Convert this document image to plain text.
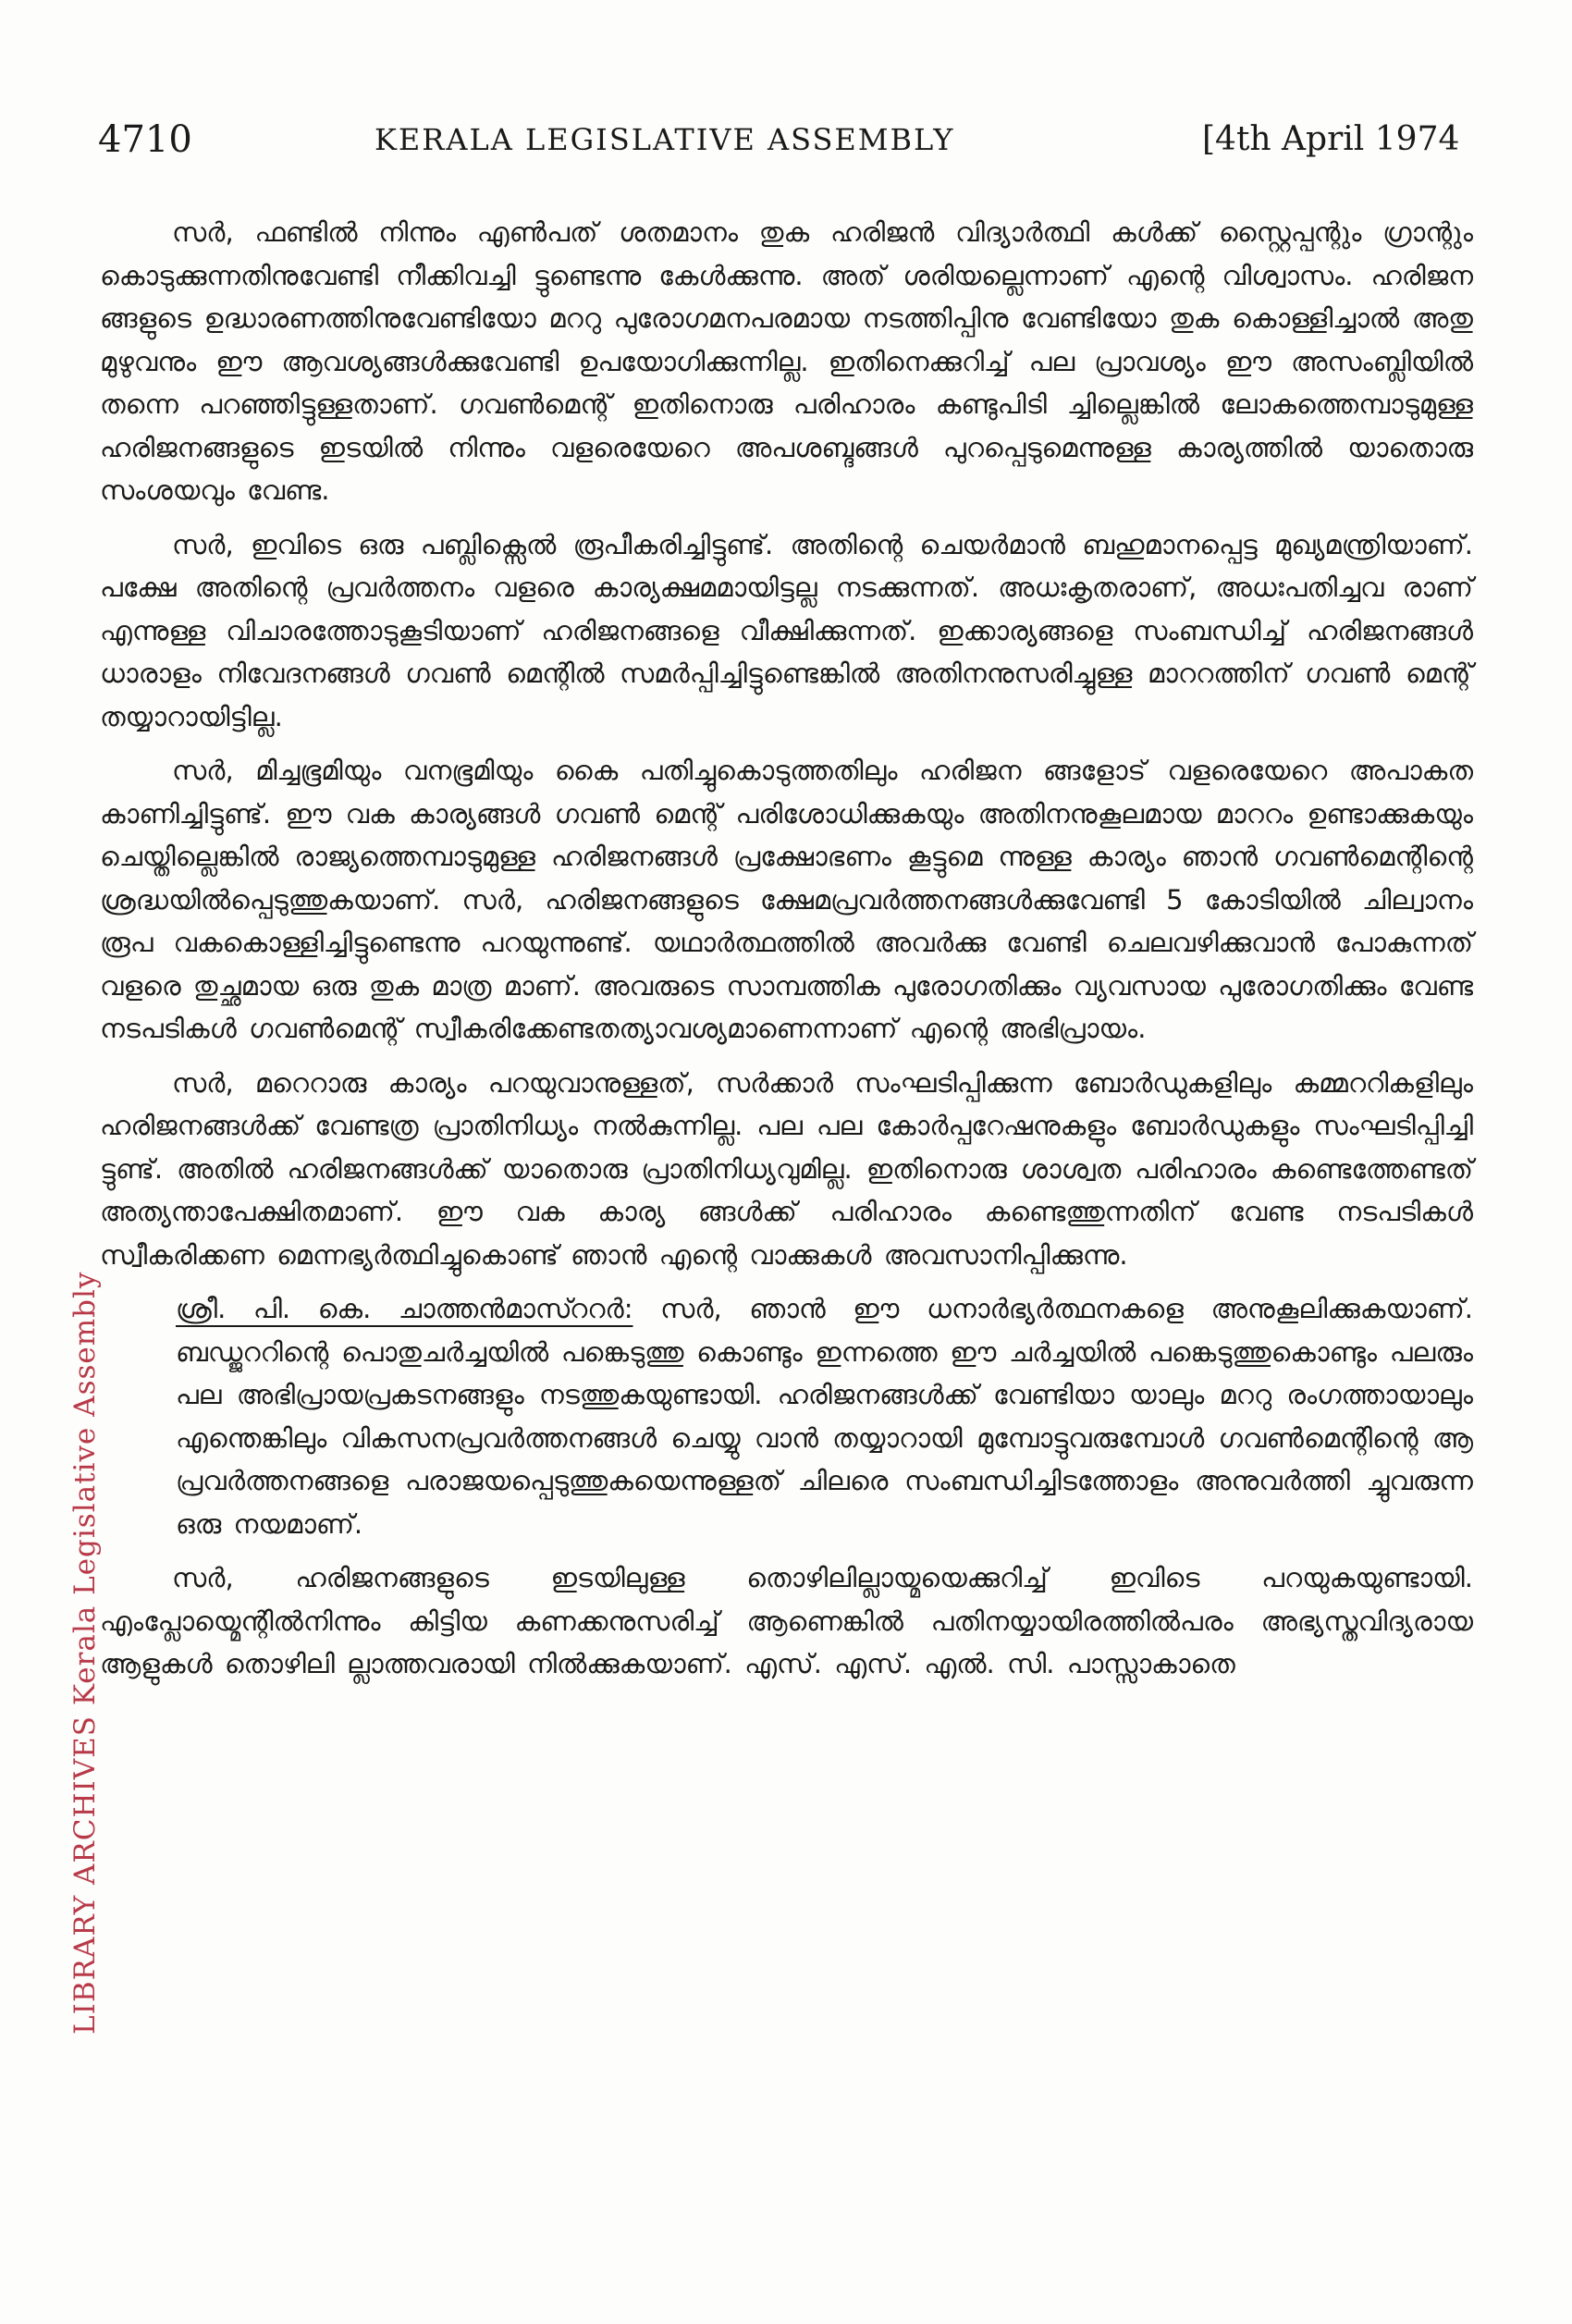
4710	KERALA LEGISLATIVE ASSEMBLY	[4th April 1974
LIBRARY ARCHIVES Kerala Legislative Assembly

സർ, ഫണ്ടിൽ നിന്നും എൺപത് ശതമാനം തുക ഹരിജൻ വിദ്യാർത്ഥി കൾക്ക് സ്റ്റൈപ്പന്റും ഗ്രാന്റും കൊടുക്കുന്നതിനുവേണ്ടി നീക്കിവച്ചി ട്ടുണ്ടെന്നു കേൾക്കുന്നു. അത് ശരിയല്ലെന്നാണ് എന്റെ വിശ്വാസം. ഹരിജന ങ്ങളുടെ ഉദ്ധാരണത്തിനുവേണ്ടിയോ മററു പുരോഗമനപരമായ നടത്തിപ്പിനു വേണ്ടിയോ തുക കൊള്ളിച്ചാൽ അതു മുഴുവനും ഈ ആവശ്യങ്ങൾക്കുവേണ്ടി ഉപയോഗിക്കുന്നില്ല. ഇതിനെക്കുറിച്ച് പല പ്രാവശ്യം ഈ അസംബ്ലിയിൽ തന്നെ പറഞ്ഞിട്ടുള്ളതാണ്. ഗവൺമെന്റ് ഇതിനൊരു പരിഹാരം കണ്ടുപിടി ച്ചില്ലെങ്കിൽ ലോകത്തെമ്പാടുമുള്ള ഹരിജനങ്ങളുടെ ഇടയിൽ നിന്നും വളരെയേറെ അപശബ്ദങ്ങൾ പുറപ്പെടുമെന്നുള്ള കാര്യത്തിൽ യാതൊരു സംശയവും വേണ്ട.

സർ, ഇവിടെ ഒരു പബ്ലിക്സെൽ രൂപീകരിച്ചിട്ടുണ്ട്. അതിന്റെ ചെയർമാൻ ബഹുമാനപ്പെട്ട മുഖ്യമന്ത്രിയാണ്. പക്ഷേ അതിന്റെ പ്രവർത്തനം വളരെ കാര്യക്ഷമമായിട്ടല്ല നടക്കുന്നത്. അധഃകൃതരാണ്, അധഃപതിച്ചവ രാണ് എന്നുള്ള വിചാരത്തോടുകൂടിയാണ് ഹരിജനങ്ങളെ വീക്ഷിക്കുന്നത്. ഇക്കാര്യങ്ങളെ സംബന്ധിച്ച് ഹരിജനങ്ങൾ ധാരാളം നിവേദനങ്ങൾ ഗവൺ മെന്റിൽ സമർപ്പിച്ചിട്ടുണ്ടെങ്കിൽ അതിനനുസരിച്ചുള്ള മാററത്തിന് ഗവൺ മെന്റ് തയ്യാറായിട്ടില്ല.

സർ, മിച്ചഭൂമിയും വനഭൂമിയും കൈ പതിച്ചുകൊടുത്തതിലും ഹരിജന ങ്ങളോട് വളരെയേറെ അപാകത കാണിച്ചിട്ടുണ്ട്. ഈ വക കാര്യങ്ങൾ ഗവൺ മെന്റ് പരിശോധിക്കുകയും അതിനനുകൂലമായ മാററം ഉണ്ടാക്കുകയും ചെയ്തില്ലെങ്കിൽ രാജ്യത്തെമ്പാടുമുള്ള ഹരിജനങ്ങൾ പ്രക്ഷോഭണം കൂട്ടുമെ ന്നുള്ള കാര്യം ഞാൻ ഗവൺമെന്റിന്റെ ശ്രദ്ധയിൽപ്പെടുത്തുകയാണ്. സർ, ഹരിജനങ്ങളുടെ ക്ഷേമപ്രവർത്തനങ്ങൾക്കുവേണ്ടി 5 കോടിയിൽ ചില്വാനം രൂപ വകകൊള്ളിച്ചിട്ടുണ്ടെന്നു പറയുന്നുണ്ട്. യഥാർത്ഥത്തിൽ അവർക്കു വേണ്ടി ചെലവഴിക്കുവാൻ പോകുന്നത് വളരെ തുച്ഛമായ ഒരു തുക മാത്ര മാണ്. അവരുടെ സാമ്പത്തിക പുരോഗതിക്കും വ്യവസായ പുരോഗതിക്കും വേണ്ട നടപടികൾ ഗവൺമെന്റ് സ്വീകരിക്കേണ്ടതത്യാവശ്യമാണെന്നാണ് എന്റെ അഭിപ്രായം.

സർ, മറെറാരു കാര്യം പറയുവാനുള്ളത്, സർക്കാർ സംഘടിപ്പിക്കുന്ന ബോർഡുകളിലും കമ്മററികളിലും ഹരിജനങ്ങൾക്ക് വേണ്ടത്ര പ്രാതിനിധ്യം നൽകുന്നില്ല. പല പല കോർപ്പറേഷനുകളും ബോർഡുകളും സംഘടിപ്പിച്ചി ട്ടുണ്ട്. അതിൽ ഹരിജനങ്ങൾക്ക് യാതൊരു പ്രാതിനിധ്യവുമില്ല. ഇതിനൊരു ശാശ്വത പരിഹാരം കണ്ടെത്തേണ്ടത് അത്യന്താപേക്ഷിതമാണ്. ഈ വക കാര്യ ങ്ങൾക്ക് പരിഹാരം കണ്ടെത്തുന്നതിന് വേണ്ട നടപടികൾ സ്വീകരിക്കണ മെന്നഭ്യർത്ഥിച്ചുകൊണ്ട് ഞാൻ എന്റെ വാക്കുകൾ അവസാനിപ്പിക്കുന്നു.

ശ്രീ. പി. കെ. ചാത്തൻമാസ്ററർ: സർ, ഞാൻ ഈ ധനാർഭ്യർത്ഥനകളെ അനുകൂലിക്കുകയാണ്. ബഡ്ജററിന്റെ പൊതുചർച്ചയിൽ പങ്കെടുത്തു കൊണ്ടും ഇന്നത്തെ ഈ ചർച്ചയിൽ പങ്കെടുത്തുകൊണ്ടും പലരും പല അഭിപ്രായപ്രകടനങ്ങളും നടത്തുകയുണ്ടായി. ഹരിജനങ്ങൾക്ക് വേണ്ടിയാ യാലും മററു രംഗത്തായാലും എന്തെങ്കിലും വികസനപ്രവർത്തനങ്ങൾ ചെയ്യു വാൻ തയ്യാറായി മുമ്പോട്ടുവരുമ്പോൾ ഗവൺമെന്റിന്റെ ആ പ്രവർത്തനങ്ങളെ പരാജയപ്പെടുത്തുകയെന്നുള്ളത് ചിലരെ സംബന്ധിച്ചിടത്തോളം അനുവർത്തി ച്ചുവരുന്ന ഒരു നയമാണ്.

സർ, ഹരിജനങ്ങളുടെ ഇടയിലുള്ള തൊഴിലില്ലായ്മയെക്കുറിച്ച് ഇവിടെ പറയുകയുണ്ടായി. എംപ്ലോയ്മെന്റിൽനിന്നും കിട്ടിയ കണക്കനുസരിച്ച് ആണെങ്കിൽ പതിനയ്യായിരത്തിൽപരം അഭ്യസ്തവിദ്യരായ ആളുകൾ തൊഴിലി ല്ലാത്തവരായി നിൽക്കുകയാണ്. എസ്. എസ്. എൽ. സി. പാസ്സാകാതെ
